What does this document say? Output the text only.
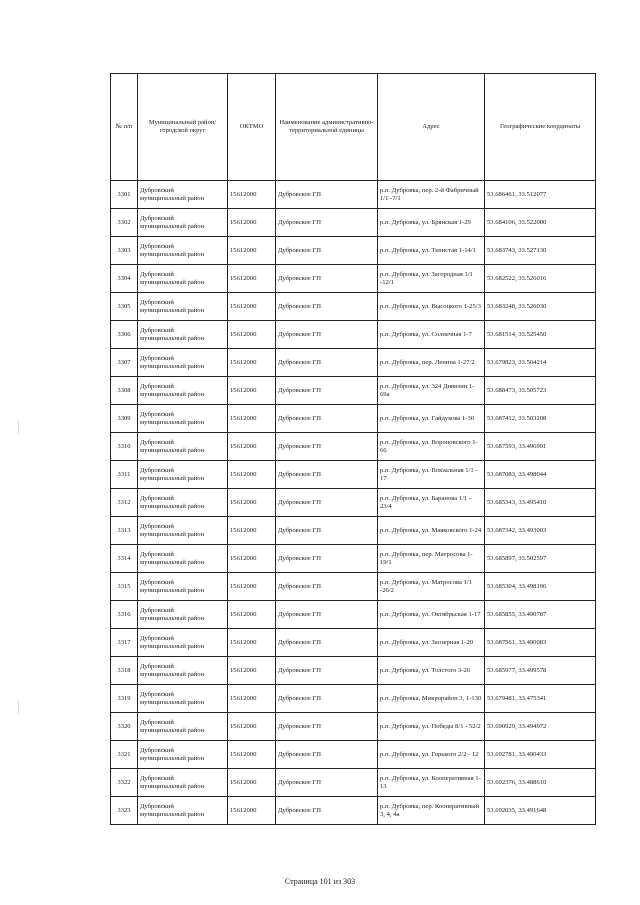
№ п/п	Муниципальный район/городской округ	ОКТМО	Наименование административно-территориальной единицы	Адрес	Географические координаты
3301	Дубровский
муниципальный район	15612000	Дубровское ГП	р.п. Дубровка, пер. 2-й Фабричный 1/1 -7/1	53.686461, 33.512077
3302	Дубровский
муниципальный район	15612000	Дубровское ГП	р.п. Дубровка, ул. Брянская 1-29	53.684106, 33.522000
3303	Дубровский
муниципальный район	15612000	Дубровское ГП	р.п. Дубровка, ул. Тенистая 1-14/1	53.683743, 33.527130
3304	Дубровский
муниципальный район	15612000	Дубровское ГП	р.п. Дубровка, ул. Загородная 1/1 -12/1	53.682522, 33.526016
3305	Дубровский
муниципальный район	15612000	Дубровское ГП	р.п. Дубровка, ул. Высоцкого 1-25/3	53.683248, 33.526030
3306	Дубровский
муниципальный район	15612000	Дубровское ГП	р.п. Дубровка, ул. Солнечная 1-7	53.681514, 33.525450
3307	Дубровский
муниципальный район	15612000	Дубровское ГП	р.п. Дубровка, пер. Ленина 1-27/2	53.679823, 33.504214
3308	Дубровский
муниципальный район	15612000	Дубровское ГП	р.п. Дубровка, ул. 324 Дивизии 1-69а	53.688473, 33.505723
3309	Дубровский
муниципальный район	15612000	Дубровское ГП	р.п. Дубровка, ул. Гайдукова 1-30	53.687412, 33.503208
3310	Дубровский
муниципальный район	15612000	Дубровское ГП	р.п. Дубровка, ул. Вороновского 1-66	53.687593, 33.496991
3311	Дубровский
муниципальный район	15612000	Дубровское ГП	р.п. Дубровка, ул. Вокзальная 1/1 - 17	53.687083, 33.498044
3312	Дубровский
муниципальный район	15612000	Дубровское ГП	р.п. Дубровка, ул. Баранова 1/1 - 23/4	53.685343, 33.495410
3313	Дубровский
муниципальный район	15612000	Дубровское ГП	р.п. Дубровка, ул. Маяковского 1-24	53.687342, 33.493003
3314	Дубровский
муниципальный район	15612000	Дубровское ГП	р.п. Дубровка, пер. Матросова 1-19/1	53.685897, 33.502597
3315	Дубровский
муниципальный район	15612000	Дубровское ГП	р.п. Дубровка, ул. Матросова 1/1 -26/2	53.685304, 33.498196
3316	Дубровский
муниципальный район	15612000	Дубровское ГП	р.п. Дубровка, ул. Октябрьская 1-17	53.685855, 33.490787
3317	Дубровский
муниципальный район	15612000	Дубровское ГП	р.п. Дубровка, ул. Заозерная 1-20	53.687561, 33.490083
3318	Дубровский
муниципальный район	15612000	Дубровское ГП	р.п. Дубровка, ул. Толстого 3-26	53.685977, 33.499578
3319	Дубровский
муниципальный район	15612000	Дубровское ГП	р.п. Дубровка, Микрорайон 3, 1-130	53.679481, 33.475341
3320	Дубровский
муниципальный район	15612000	Дубровское ГП	р.п. Дубровка, ул. Победы 8/1 - 52/2	53.690929, 33.494972
3321	Дубровский
муниципальный район	15612000	Дубровское ГП	р.п. Дубровка, ул. Горького 2/2 - 12	53.692781, 33.490433
3322	Дубровский
муниципальный район	15612000	Дубровское ГП	р.п. Дубровка, ул. Кооперативная 1-13	53.692376, 33.488610
3323	Дубровский
муниципальный район	15612000	Дубровское ГП	р.п. Дубровка, пер. Кооперативный 3, 4, 4а	53.692035, 33.491648
Страница 101 из 303
